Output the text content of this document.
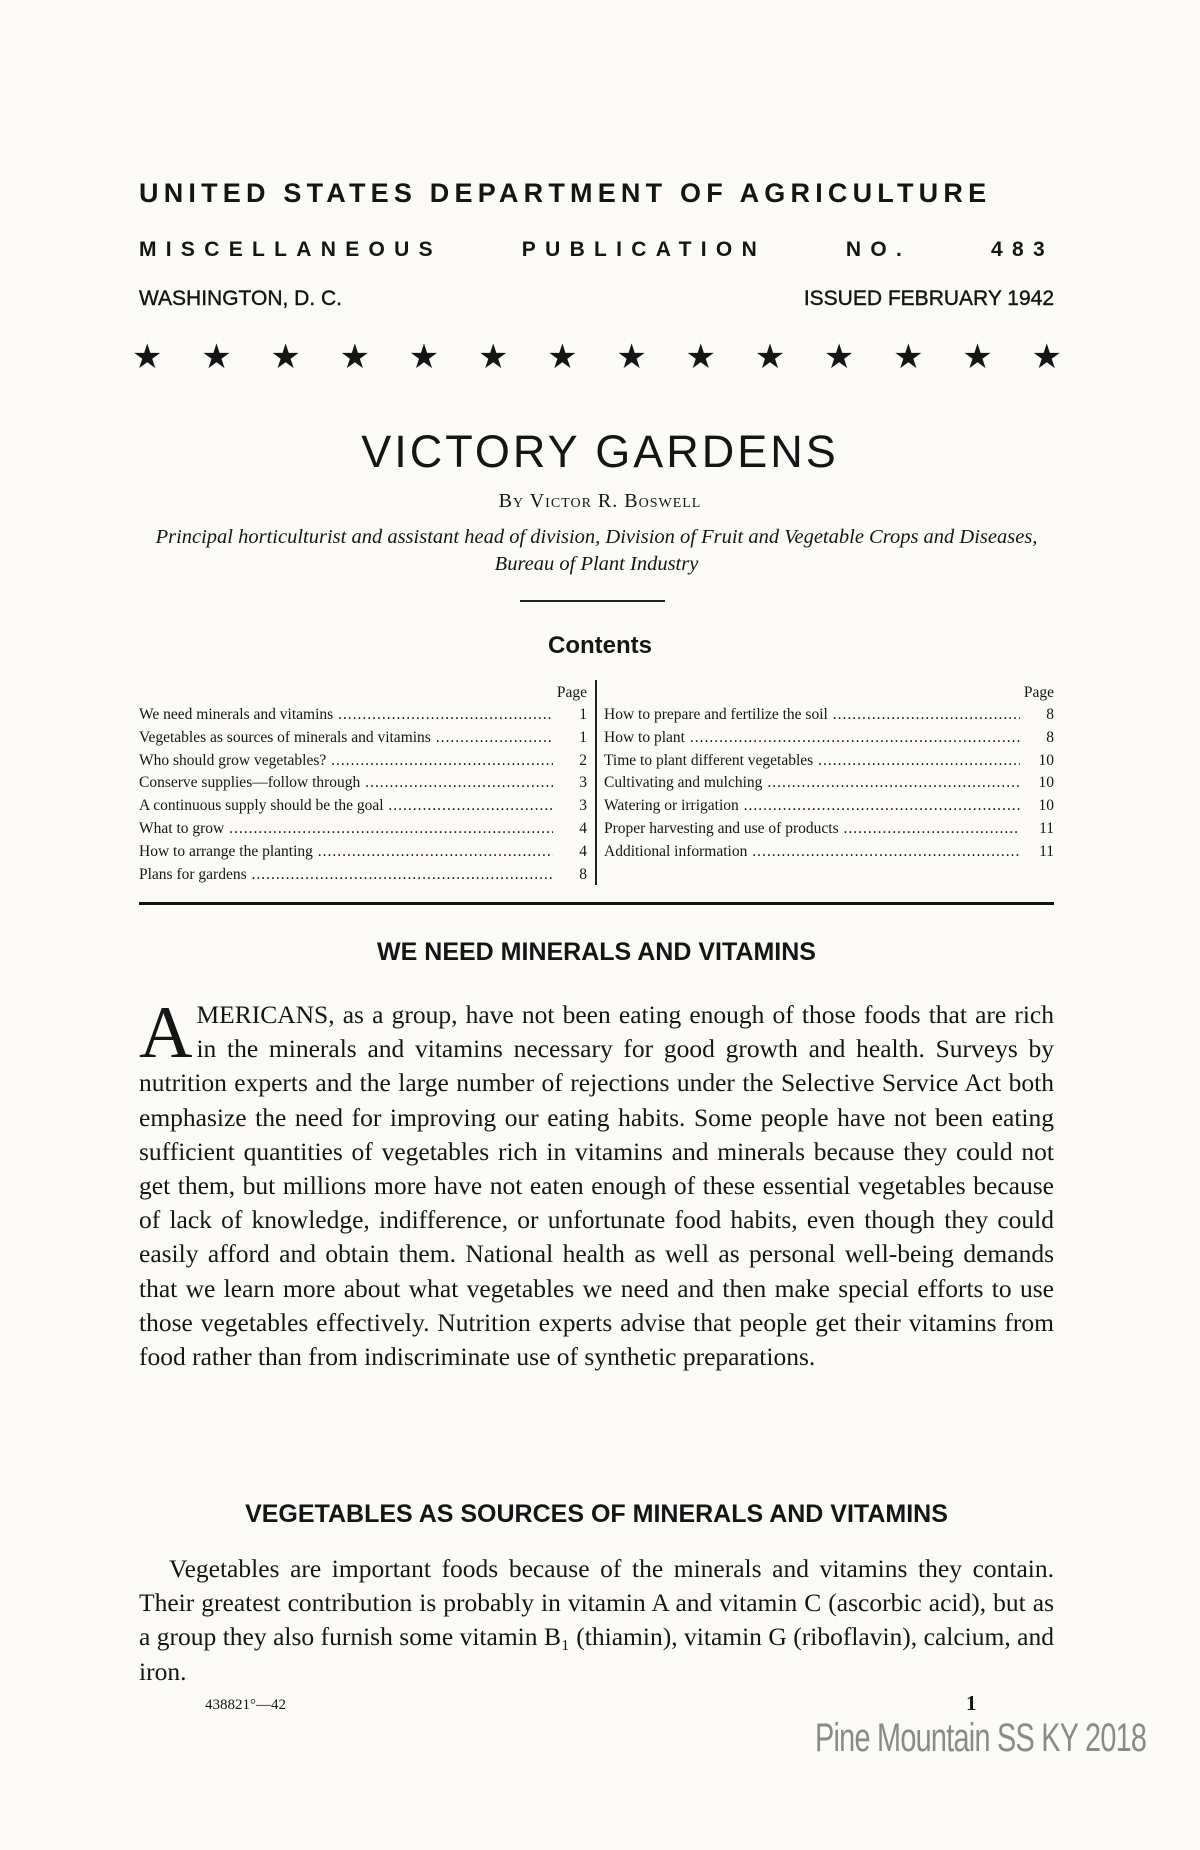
UNITED STATES DEPARTMENT OF AGRICULTURE
MISCELLANEOUS	PUBLICATION	NO.	483
WASHINGTON, D. C.	ISSUED FEBRUARY 1942
★ ★ ★ ★ ★ ★ ★ ★ ★ ★ ★ ★ ★ ★
VICTORY GARDENS
By Victor R. Boswell
Principal horticulturist and assistant head of division, Division of Fruit and Vegetable Crops and Diseases, Bureau of Plant Industry
Contents
Page
We need minerals and vitamins .....	1
Vegetables as sources of minerals and vitamins .....	1
Who should grow vegetables? .....	2
Conserve supplies—follow through .....	3
A continuous supply should be the goal .....	3
What to grow .....	4
How to arrange the planting .....	4
Plans for gardens .....	8
Page
How to prepare and fertilize the soil .....	8
How to plant .....	8
Time to plant different vegetables .....	10
Cultivating and mulching .....	10
Watering or irrigation .....	10
Proper harvesting and use of products .....	11
Additional information .....	11
WE NEED MINERALS AND VITAMINS
AMERICANS, as a group, have not been eating enough of those foods that are rich in the minerals and vitamins necessary for good growth and health. Surveys by nutrition experts and the large number of rejections under the Selective Service Act both emphasize the need for improving our eating habits. Some people have not been eating sufficient quantities of vegetables rich in vitamins and minerals because they could not get them, but millions more have not eaten enough of these essential vegetables because of lack of knowledge, indifference, or unfortunate food habits, even though they could easily afford and obtain them. National health as well as personal well-being demands that we learn more about what vegetables we need and then make special efforts to use those vegetables effectively. Nutrition experts advise that people get their vitamins from food rather than from indiscriminate use of synthetic preparations.
VEGETABLES AS SOURCES OF MINERALS AND VITAMINS
Vegetables are important foods because of the minerals and vitamins they contain. Their greatest contribution is probably in vitamin A and vitamin C (ascorbic acid), but as a group they also furnish some vitamin B₁ (thiamin), vitamin G (riboflavin), calcium, and iron.
438821°—42	1
Pine Mountain SS KY 2018
